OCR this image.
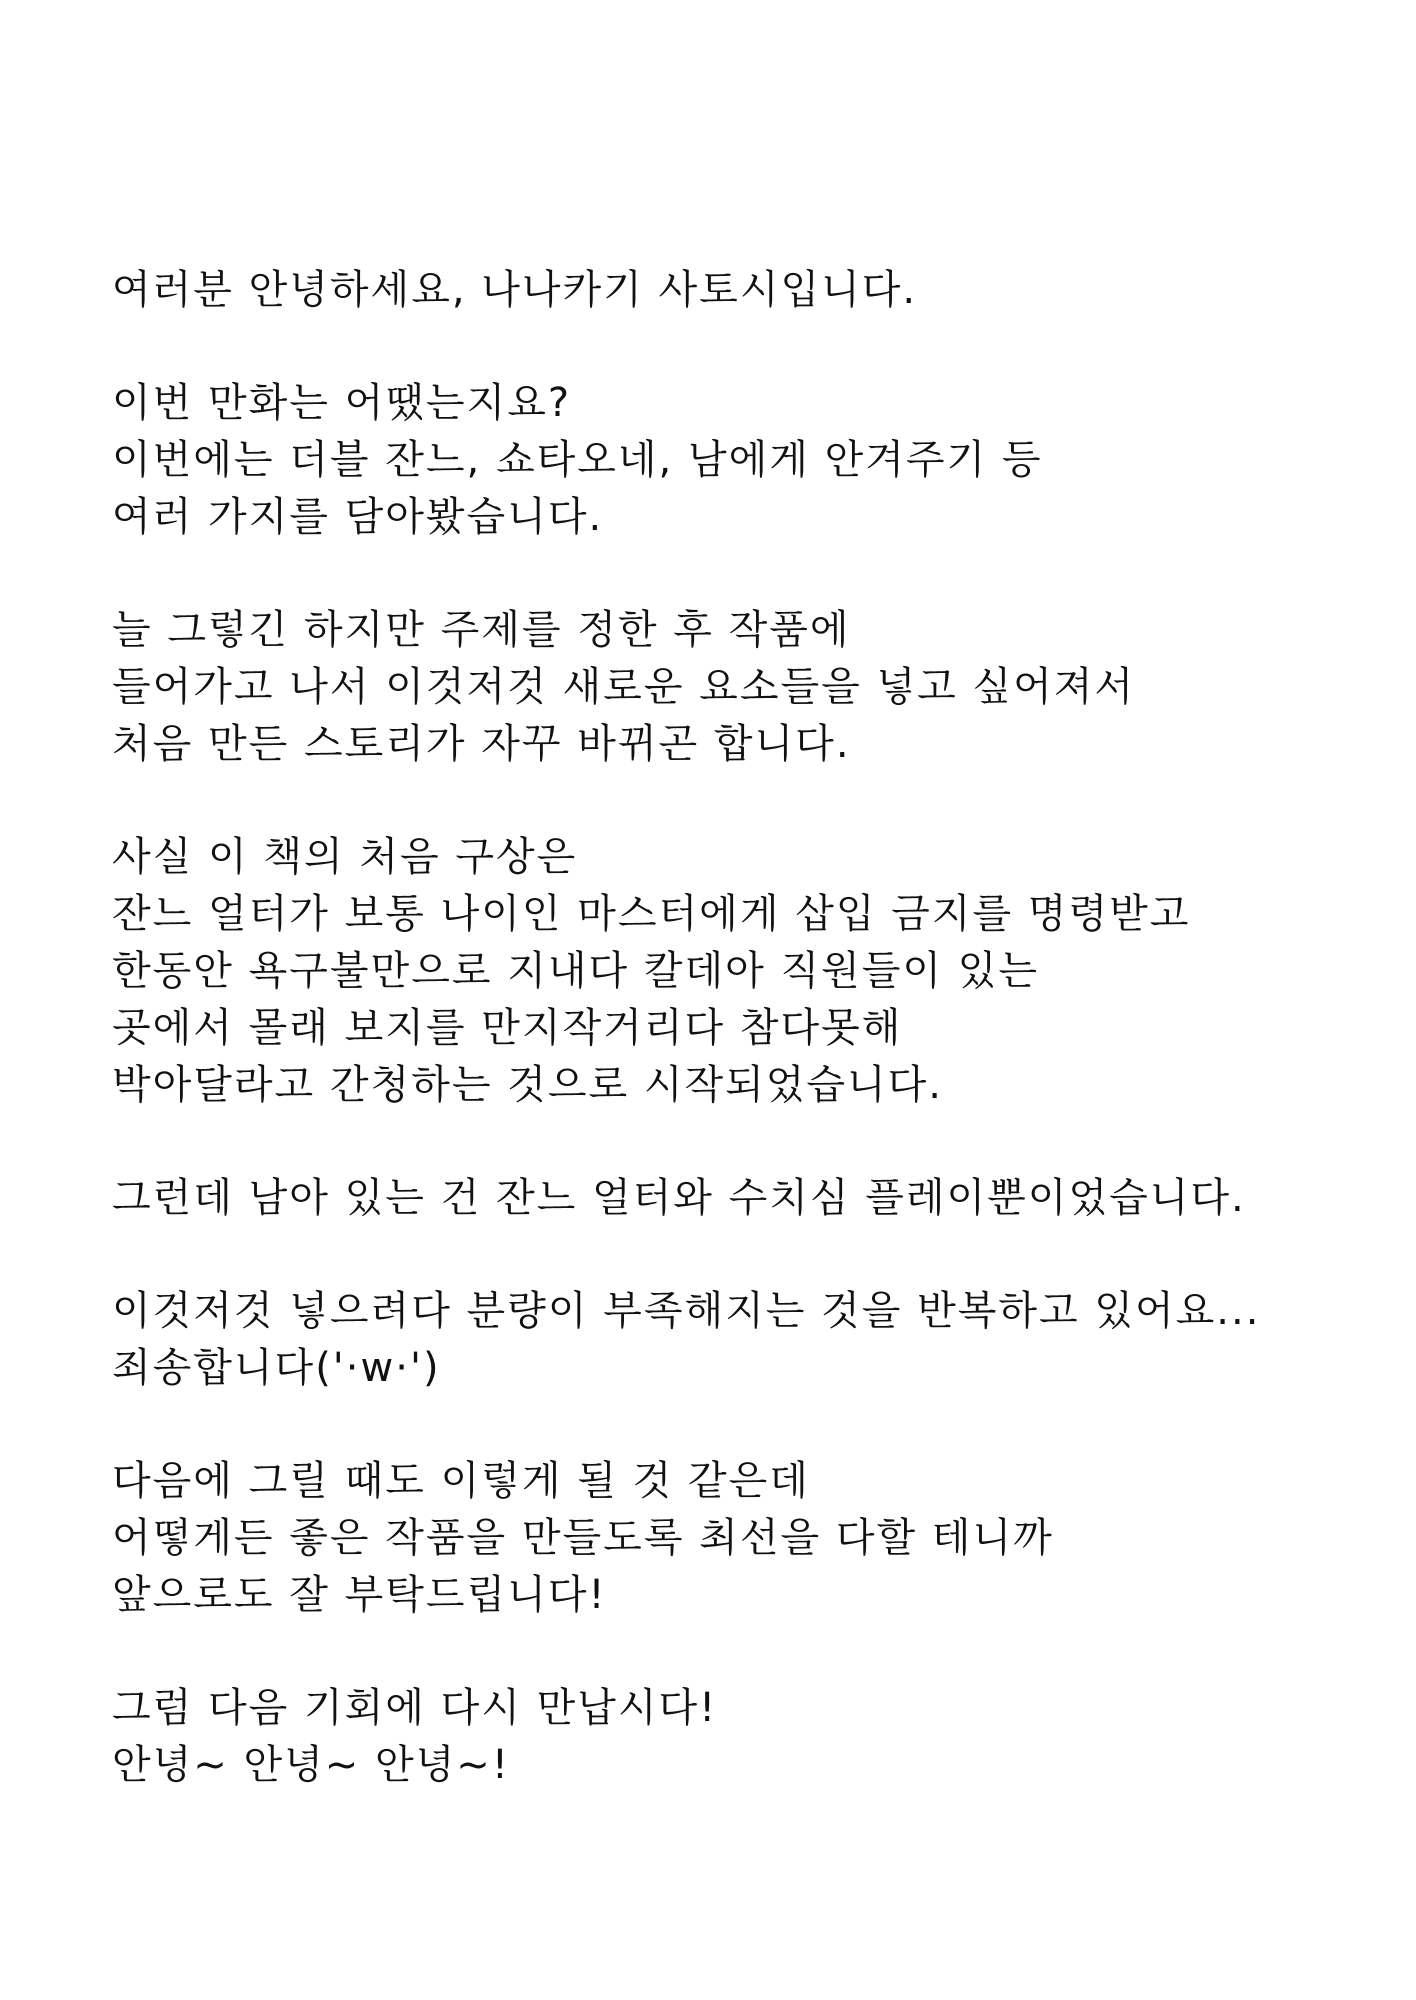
여러분 안녕하세요, 나나카기 사토시입니다.

이번 만화는 어땠는지요?
이번에는 더블 잔느, 쇼타오네, 남에게 안겨주기 등
여러 가지를 담아봤습니다.

늘 그렇긴 하지만 주제를 정한 후 작품에
들어가고 나서 이것저것 새로운 요소들을 넣고 싶어져서
처음 만든 스토리가 자꾸 바뀌곤 합니다.

사실 이 책의 처음 구상은
잔느 얼터가 보통 나이인 마스터에게 삽입 금지를 명령받고
한동안 욕구불만으로 지내다 칼데아 직원들이 있는
곳에서 몰래 보지를 만지작거리다 참다못해
박아달라고 간청하는 것으로 시작되었습니다.

그런데 남아 있는 건 잔느 얼터와 수치심 플레이뿐이었습니다.

이것저것 넣으려다 분량이 부족해지는 것을 반복하고 있어요...
죄송합니다('·w·')

다음에 그릴 때도 이렇게 될 것 같은데
어떻게든 좋은 작품을 만들도록 최선을 다할 테니까
앞으로도 잘 부탁드립니다!

그럼 다음 기회에 다시 만납시다!
안녕~ 안녕~ 안녕~!
